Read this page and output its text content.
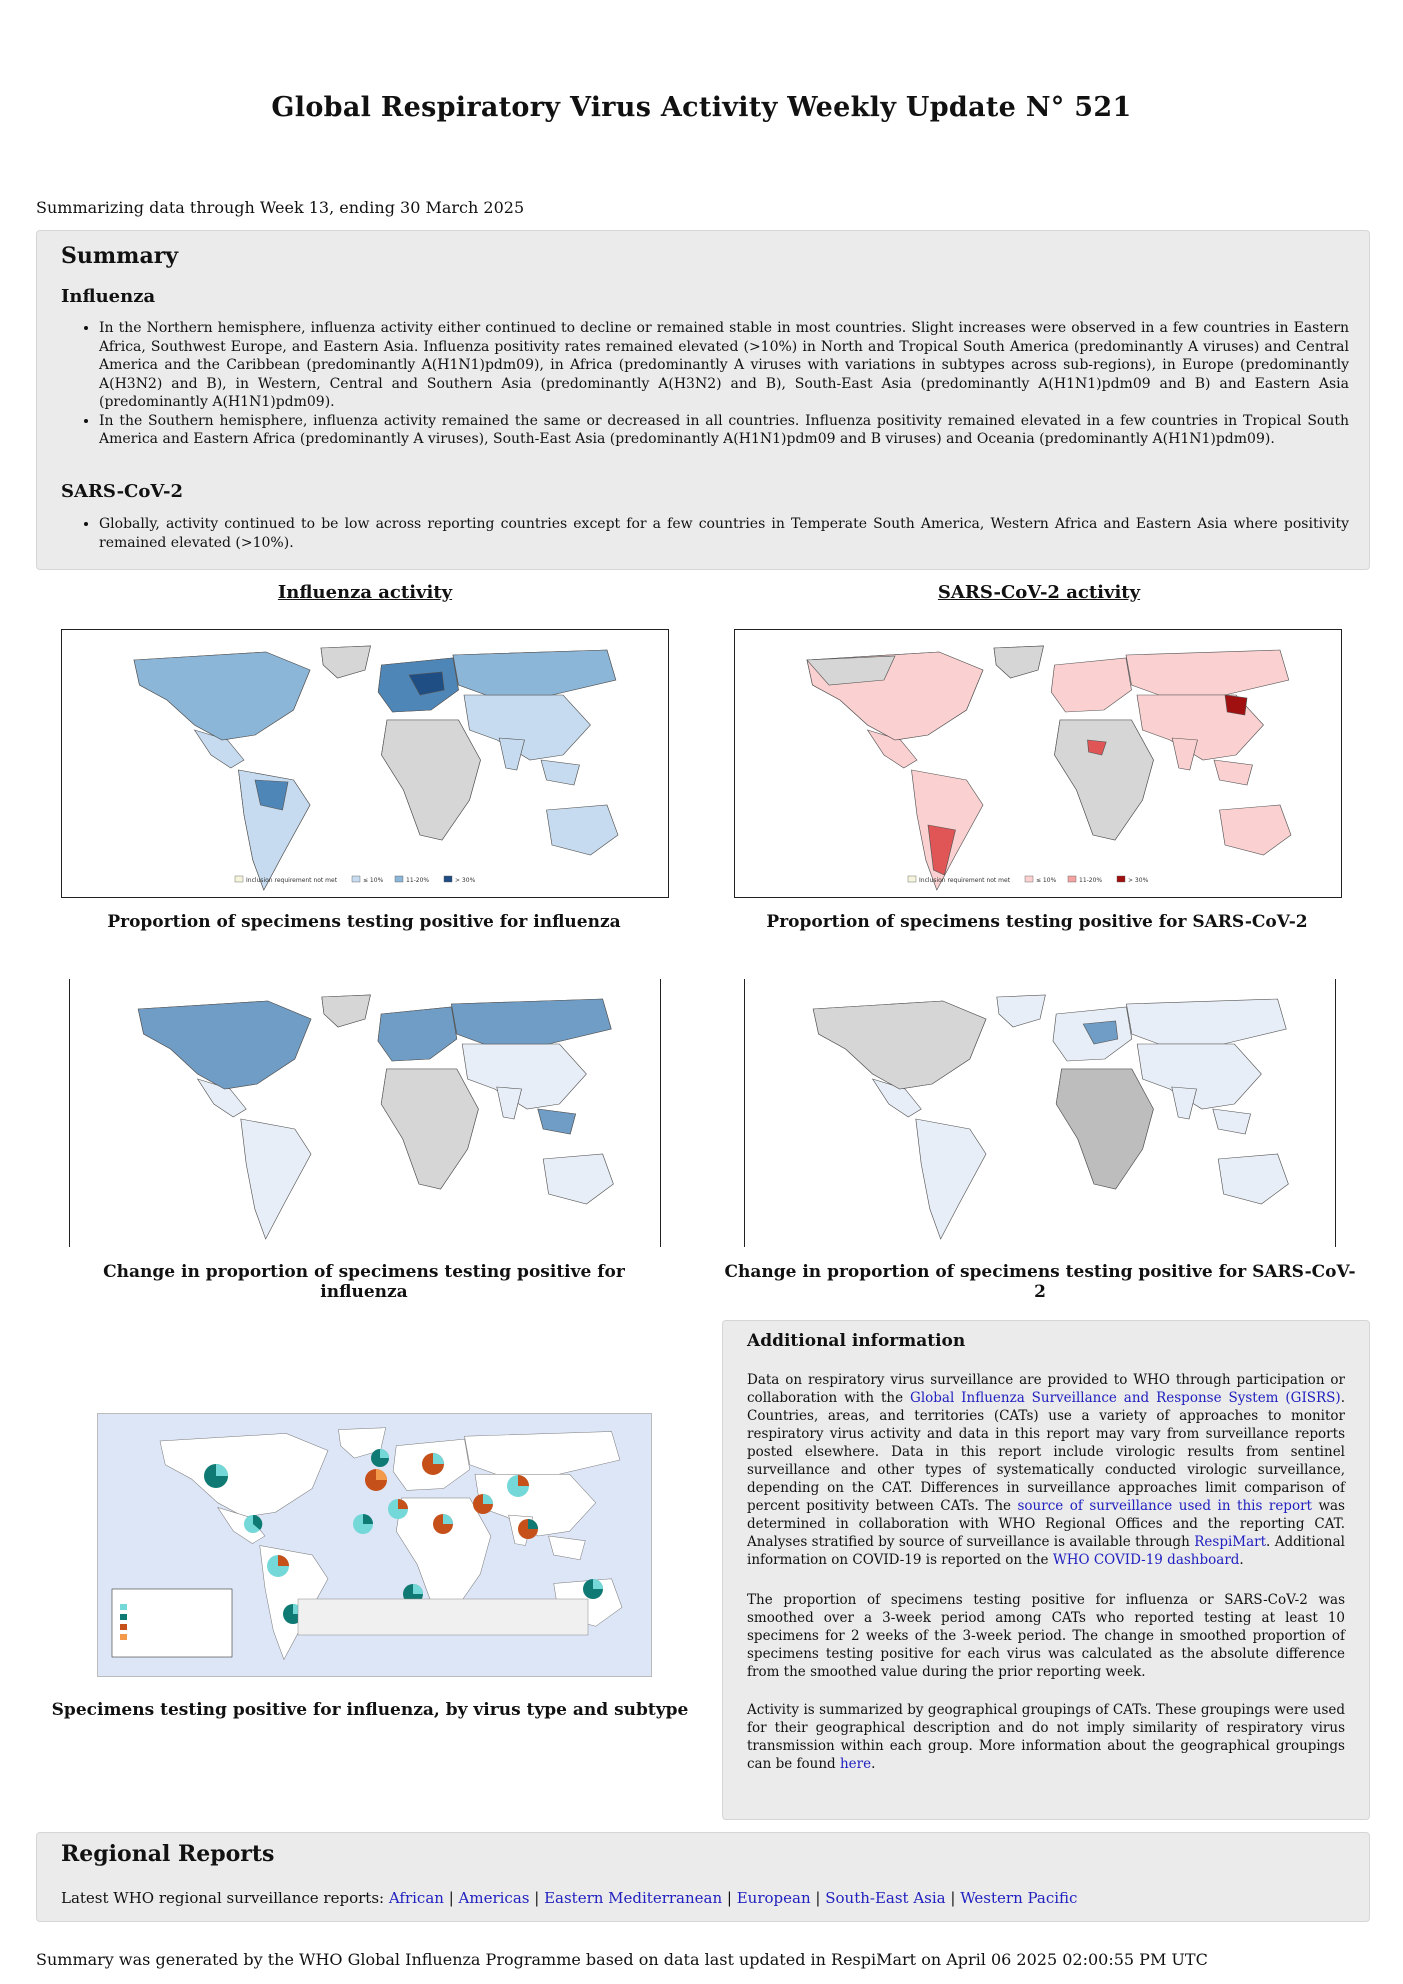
Global Respiratory Virus Activity Weekly Update N° 521
Summarizing data through Week 13, ending 30 March 2025
Summary
Influenza
• In the Northern hemisphere, influenza activity either continued to decline or remained stable in most countries. Slight increases were observed in a few countries in Eastern Africa, Southwest Europe, and Eastern Asia. Influenza positivity rates remained elevated (>10%) in North and Tropical South America (predominantly A viruses) and Central America and the Caribbean (predominantly A(H1N1)pdm09), in Africa (predominantly A viruses with variations in subtypes across sub-regions), in Europe (predominantly A(H3N2) and B), in Western, Central and Southern Asia (predominantly A(H3N2) and B), South-East Asia (predominantly A(H1N1)pdm09 and B) and Eastern Asia (predominantly A(H1N1)pdm09).
• In the Southern hemisphere, influenza activity remained the same or decreased in all countries. Influenza positivity remained elevated in a few countries in Tropical South America and Eastern Africa (predominantly A viruses), South-East Asia (predominantly A(H1N1)pdm09 and B viruses) and Oceania (predominantly A(H1N1)pdm09).
SARS-CoV-2
• Globally, activity continued to be low across reporting countries except for a few countries in Temperate South America, Western Africa and Eastern Asia where positivity remained elevated (>10%).
Influenza activity	SARS-CoV-2 activity
Inclusion requirement not met	≤ 10%	11-20%	> 30%	Inclusion requirement not met	≤ 10%	11-20%	> 30%
Proportion of specimens testing positive for influenza	Proportion of specimens testing positive for SARS-CoV-2
Change in proportion of specimens testing positive for influenza
Change in proportion of specimens testing positive for SARS-CoV-2
Specimens testing positive for influenza, by virus type and subtype
Additional information

Data on respiratory virus surveillance are provided to WHO through participation or collaboration with the Global Influenza Surveillance and Response System (GISRS). Countries, areas, and territories (CATs) use a variety of approaches to monitor respiratory virus activity and data in this report may vary from surveillance reports posted elsewhere. Data in this report include virologic results from sentinel surveillance and other types of systematically conducted virologic surveillance, depending on the CAT. Differences in surveillance approaches limit comparison of percent positivity between CATs. The source of surveillance used in this report was determined in collaboration with WHO Regional Offices and the reporting CAT. Analyses stratified by source of surveillance is available through RespiMart. Additional information on COVID-19 is reported on the WHO COVID-19 dashboard.

The proportion of specimens testing positive for influenza or SARS-CoV-2 was smoothed over a 3-week period among CATs who reported testing at least 10 specimens for 2 weeks of the 3-week period. The change in smoothed proportion of specimens testing positive for each virus was calculated as the absolute difference from the smoothed value during the prior reporting week.

Activity is summarized by geographical groupings of CATs. These groupings were used for their geographical description and do not imply similarity of respiratory virus transmission within each group. More information about the geographical groupings can be found here.

Regional Reports
Latest WHO regional surveillance reports: African | Americas | Eastern Mediterranean | European | South-East Asia | Western Pacific
Summary was generated by the WHO Global Influenza Programme based on data last updated in RespiMart on April 06 2025 02:00:55 PM UTC
